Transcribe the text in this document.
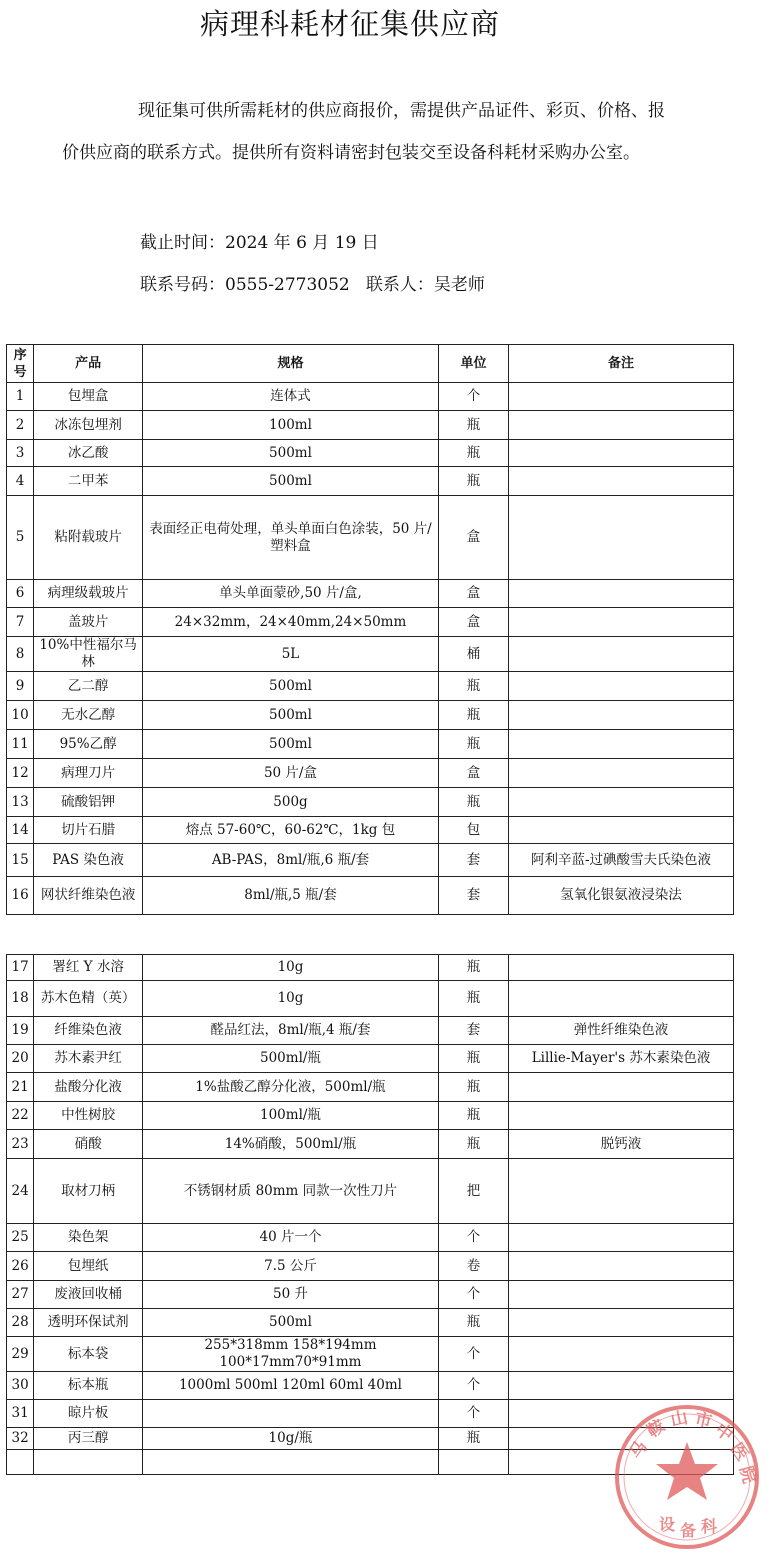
病理科耗材征集供应商
现征集可供所需耗材的供应商报价，需提供产品证件、彩页、价格、报价供应商的联系方式。提供所有资料请密封包装交至设备科耗材采购办公室。
截止时间：2024 年 6 月 19 日
联系号码：0555-2773052   联系人：吴老师
序号	产品	规格	单位	备注
1	包埋盒	连体式	个	
2	冰冻包埋剂	100ml	瓶	
3	冰乙酸	500ml	瓶	
4	二甲苯	500ml	瓶	
5	粘附载玻片	表面经正电荷处理，单头单面白色涂装，50 片/塑料盒	盒	
6	病理级载玻片	单头单面蒙砂,50 片/盒,	盒	
7	盖玻片	24×32mm，24×40mm,24×50mm	盒	
8	10%中性福尔马林	5L	桶	
9	乙二醇	500ml	瓶	
10	无水乙醇	500ml	瓶	
11	95%乙醇	500ml	瓶	
12	病理刀片	50 片/盒	盒	
13	硫酸铝钾	500g	瓶	
14	切片石腊	熔点 57-60℃，60-62℃，1kg 包	包	
15	PAS 染色液	AB-PAS，8ml/瓶,6 瓶/套	套	阿利辛蓝-过碘酸雪夫氏染色液
16	网状纤维染色液	8ml/瓶,5 瓶/套	套	氢氧化银氨液浸染法
17	署红 Y 水溶	10g	瓶	
18	苏木色精（英）	10g	瓶	
19	纤维染色液	醛品红法，8ml/瓶,4 瓶/套	套	弹性纤维染色液
20	苏木素尹红	500ml/瓶	瓶	Lillie-Mayer's 苏木素染色液
21	盐酸分化液	1%盐酸乙醇分化液，500ml/瓶	瓶	
22	中性树胶	100ml/瓶	瓶	
23	硝酸	14%硝酸，500ml/瓶	瓶	脱钙液
24	取材刀柄	不锈钢材质 80mm 同款一次性刀片	把	
25	染色架	40 片一个	个	
26	包埋纸	7.5 公斤	卷	
27	废液回收桶	50 升	个	
28	透明环保试剂	500ml	瓶	
29	标本袋	255*318mm 158*194mm 100*17mm70*91mm	个	
30	标本瓶	1000ml 500ml 120ml 60ml 40ml	个	
31	晾片板		个	
32	丙三醇	10g/瓶	瓶	
					马
鞍 山 市
中
医
院
设 备 科
